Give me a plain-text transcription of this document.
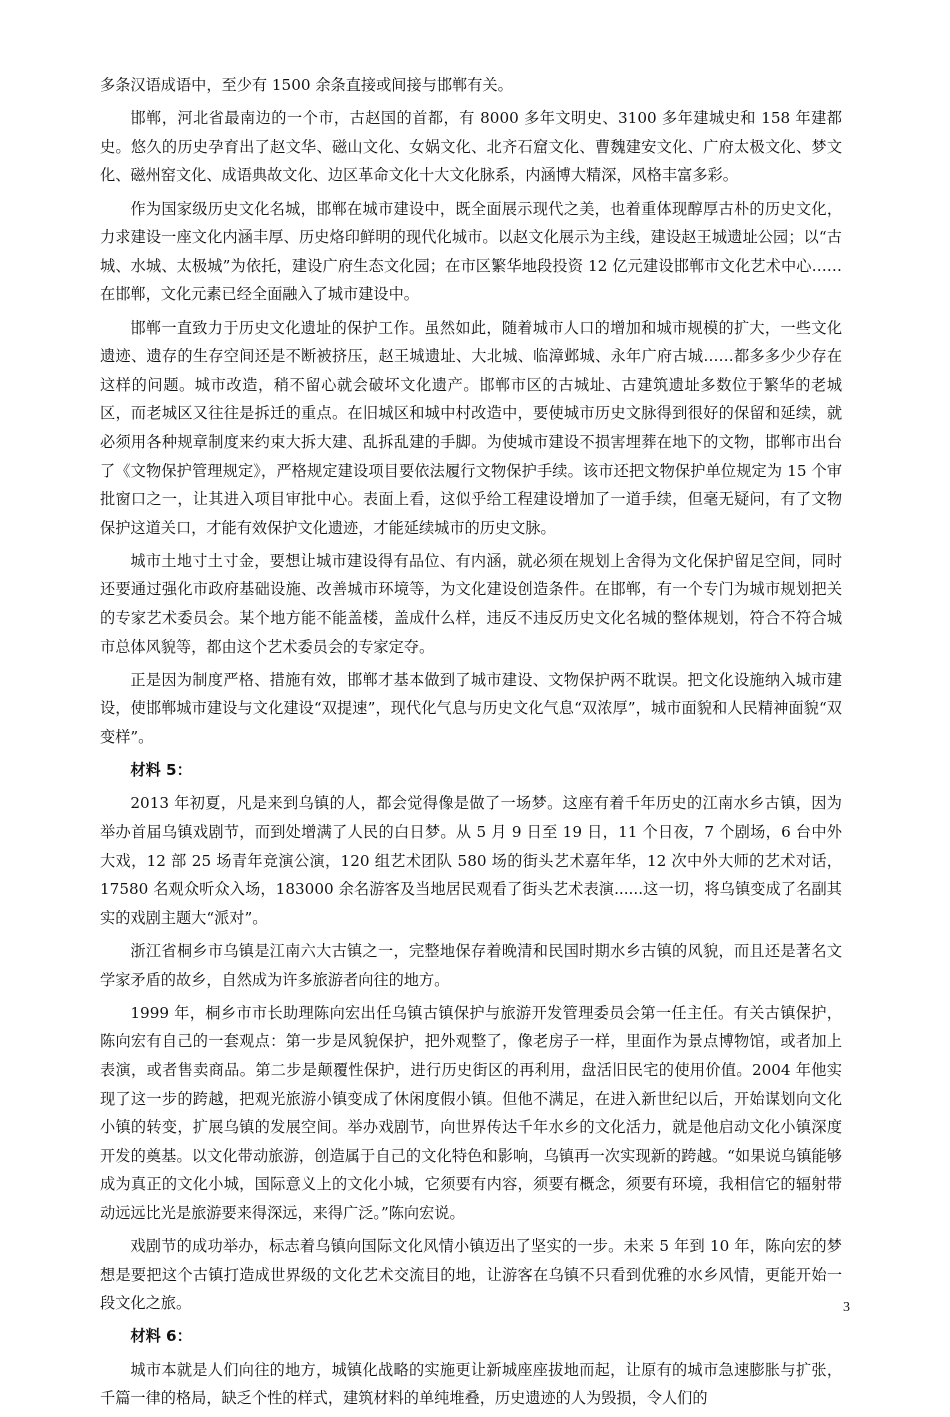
多条汉语成语中，至少有 1500 余条直接或间接与邯郸有关。

邯郸，河北省最南边的一个市，古赵国的首都，有 8000 多年文明史、3100 多年建城史和 158 年建都史。悠久的历史孕育出了赵文华、磁山文化、女娲文化、北齐石窟文化、曹魏建安文化、广府太极文化、梦文化、磁州窑文化、成语典故文化、边区革命文化十大文化脉系，内涵博大精深，风格丰富多彩。

作为国家级历史文化名城，邯郸在城市建设中，既全面展示现代之美，也着重体现醇厚古朴的历史文化，力求建设一座文化内涵丰厚、历史烙印鲜明的现代化城市。以赵文化展示为主线，建设赵王城遗址公园；以“古城、水城、太极城”为依托，建设广府生态文化园；在市区繁华地段投资 12 亿元建设邯郸市文化艺术中心……在邯郸，文化元素已经全面融入了城市建设中。

邯郸一直致力于历史文化遗址的保护工作。虽然如此，随着城市人口的增加和城市规模的扩大，一些文化遗迹、遗存的生存空间还是不断被挤压，赵王城遗址、大北城、临漳邺城、永年广府古城……都多多少少存在这样的问题。城市改造，稍不留心就会破坏文化遗产。邯郸市区的古城址、古建筑遗址多数位于繁华的老城区，而老城区又往往是拆迁的重点。在旧城区和城中村改造中，要使城市历史文脉得到很好的保留和延续，就必须用各种规章制度来约束大拆大建、乱拆乱建的手脚。为使城市建设不损害埋葬在地下的文物，邯郸市出台了《文物保护管理规定》，严格规定建设项目要依法履行文物保护手续。该市还把文物保护单位规定为 15 个审批窗口之一，让其进入项目审批中心。表面上看，这似乎给工程建设增加了一道手续，但毫无疑问，有了文物保护这道关口，才能有效保护文化遗迹，才能延续城市的历史文脉。

城市土地寸土寸金，要想让城市建设得有品位、有内涵，就必须在规划上舍得为文化保护留足空间，同时还要通过强化市政府基础设施、改善城市环境等，为文化建设创造条件。在邯郸，有一个专门为城市规划把关的专家艺术委员会。某个地方能不能盖楼，盖成什么样，违反不违反历史文化名城的整体规划，符合不符合城市总体风貌等，都由这个艺术委员会的专家定夺。

正是因为制度严格、措施有效，邯郸才基本做到了城市建设、文物保护两不耽误。把文化设施纳入城市建设，使邯郸城市建设与文化建设“双提速”，现代化气息与历史文化气息“双浓厚”，城市面貌和人民精神面貌“双变样”。

材料 5：

2013 年初夏，凡是来到乌镇的人，都会觉得像是做了一场梦。这座有着千年历史的江南水乡古镇，因为举办首届乌镇戏剧节，而到处增满了人民的白日梦。从 5 月 9 日至 19 日，11 个日夜，7 个剧场，6 台中外大戏，12 部 25 场青年竞演公演，120 组艺术团队 580 场的街头艺术嘉年华，12 次中外大师的艺术对话，17580 名观众听众入场，183000 余名游客及当地居民观看了街头艺术表演......这一切，将乌镇变成了名副其实的戏剧主题大“派对”。

浙江省桐乡市乌镇是江南六大古镇之一，完整地保存着晚清和民国时期水乡古镇的风貌，而且还是著名文学家矛盾的故乡，自然成为许多旅游者向往的地方。

1999 年，桐乡市市长助理陈向宏出任乌镇古镇保护与旅游开发管理委员会第一任主任。有关古镇保护，陈向宏有自己的一套观点：第一步是风貌保护，把外观整了，像老房子一样，里面作为景点博物馆，或者加上表演，或者售卖商品。第二步是颠覆性保护，进行历史街区的再利用，盘活旧民宅的使用价值。2004 年他实现了这一步的跨越，把观光旅游小镇变成了休闲度假小镇。但他不满足，在进入新世纪以后，开始谋划向文化小镇的转变，扩展乌镇的发展空间。举办戏剧节，向世界传达千年水乡的文化活力，就是他启动文化小镇深度开发的奠基。以文化带动旅游，创造属于自己的文化特色和影响，乌镇再一次实现新的跨越。“如果说乌镇能够成为真正的文化小城，国际意义上的文化小城，它须要有内容，须要有概念，须要有环境，我相信它的辐射带动远远比光是旅游要来得深远，来得广泛。”陈向宏说。

戏剧节的成功举办，标志着乌镇向国际文化风情小镇迈出了坚实的一步。未来 5 年到 10 年，陈向宏的梦想是要把这个古镇打造成世界级的文化艺术交流目的地，让游客在乌镇不只看到优雅的水乡风情，更能开始一段文化之旅。

材料 6：

城市本就是人们向往的地方，城镇化战略的实施更让新城座座拔地而起，让原有的城市急速膨胀与扩张，千篇一律的格局，缺乏个性的样式，建筑材料的单纯堆叠，历史遗迹的人为毁损，令人们的

3
